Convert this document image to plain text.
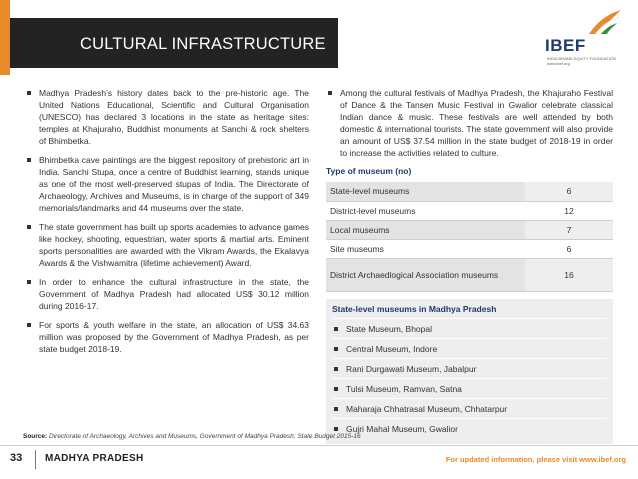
CULTURAL INFRASTRUCTURE	IBEF
INDIA BRAND EQUITY FOUNDATION www.ibef.org
Madhya Pradesh’s history dates back to the pre-historic age. The United Nations Educational, Scientific and Cultural Organisation (UNESCO) has declared 3 locations in the state as heritage sites: temples at Khajuraho, Buddhist monuments at Sanchi & rock shelters of Bhimbetka.
Bhimbetka cave paintings are the biggest repository of prehistoric art in India. Sanchi Stupa, once a centre of Buddhist learning, stands unique as one of the most well-preserved stupas of India. The Directorate of Archaeology, Archives and Museums, is in charge of the support of 349 memorials/landmarks and 44 museums over the state.
The state government has built up sports academies to advance games like hockey, shooting, equestrian, water sports & martial arts. Eminent sports personalities are awarded with the Vikram Awards, the Ekalavya Awards & the Vishwamitra (lifetime achievement) Award.
In order to enhance the cultural infrastructure in the state, the Government of Madhya Pradesh had allocated US$ 30.12 million during 2016-17.
For sports & youth welfare in the state, an allocation of US$ 34.63 million was proposed by the Government of Madhya Pradesh, as per state budget 2018-19.
Among the cultural festivals of Madhya Pradesh, the Khajuraho Festival of Dance & the Tansen Music Festival in Gwalior celebrate classical Indian dance & music. These festivals are well attended by both domestic & international tourists. The state government will also provide an amount of US$ 37.54 million in the state budget of 2018-19 in order to increase the activities related to culture.
Type of museum (no)
State-level museums	6
District-level museums	12
Local museums	7
Site museums	6
District Archaedlogical Association museums	16
State-level museums in Madhya Pradesh
State Museum, Bhopal
Central Museum, Indore
Rani Durgawati Museum, Jabalpur
Tulsi Museum, Ramvan, Satna
Maharaja Chhatrasal Museum, Chhatarpur
Gujri Mahal Museum, Gwalior
Source: Directorate of Archaeology, Archives and Museums, Government of Madhya Pradesh; State Budget 2015-16
33 MADHYA PRADESH	For updated information, please visit www.ibef.org
